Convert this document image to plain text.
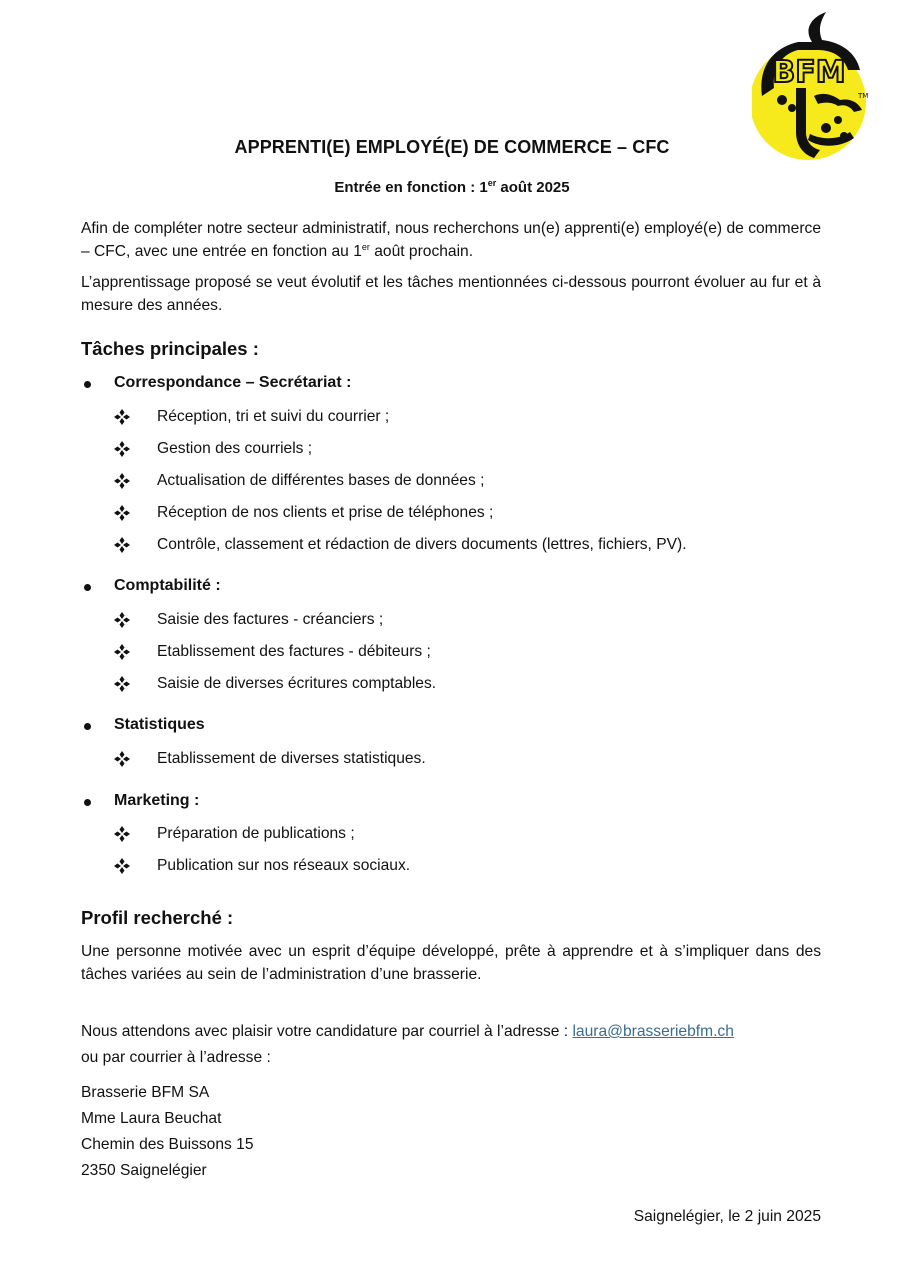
BFM
TM
APPRENTI(E) EMPLOYÉ(E) DE COMMERCE – CFC
Entrée en fonction : 1er août 2025
Afin de compléter notre secteur administratif, nous recherchons un(e) apprenti(e) employé(e) de commerce – CFC, avec une entrée en fonction au 1er août prochain.
L’apprentissage proposé se veut évolutif et les tâches mentionnées ci-dessous pourront évoluer au fur et à mesure des années.
Tâches principales :
Correspondance – Secrétariat :
Réception, tri et suivi du courrier ;
Gestion des courriels ;
Actualisation de différentes bases de données ;
Réception de nos clients et prise de téléphones ;
Contrôle, classement et rédaction de divers documents (lettres, fichiers, PV).
Comptabilité :
Saisie des factures - créanciers ;
Etablissement des factures - débiteurs ;
Saisie de diverses écritures comptables.
Statistiques
Etablissement de diverses statistiques.
Marketing :
Préparation de publications ;
Publication sur nos réseaux sociaux.
Profil recherché :
Une personne motivée avec un esprit d’équipe développé, prête à apprendre et à s’impliquer dans des tâches variées au sein de l’administration d’une brasserie.
Nous attendons avec plaisir votre candidature par courriel à l’adresse : laura@brasseriebfm.ch
ou par courrier à l’adresse :
Brasserie BFM SA
Mme Laura Beuchat
Chemin des Buissons 15
2350 Saignelégier
Saignelégier, le 2 juin 2025
